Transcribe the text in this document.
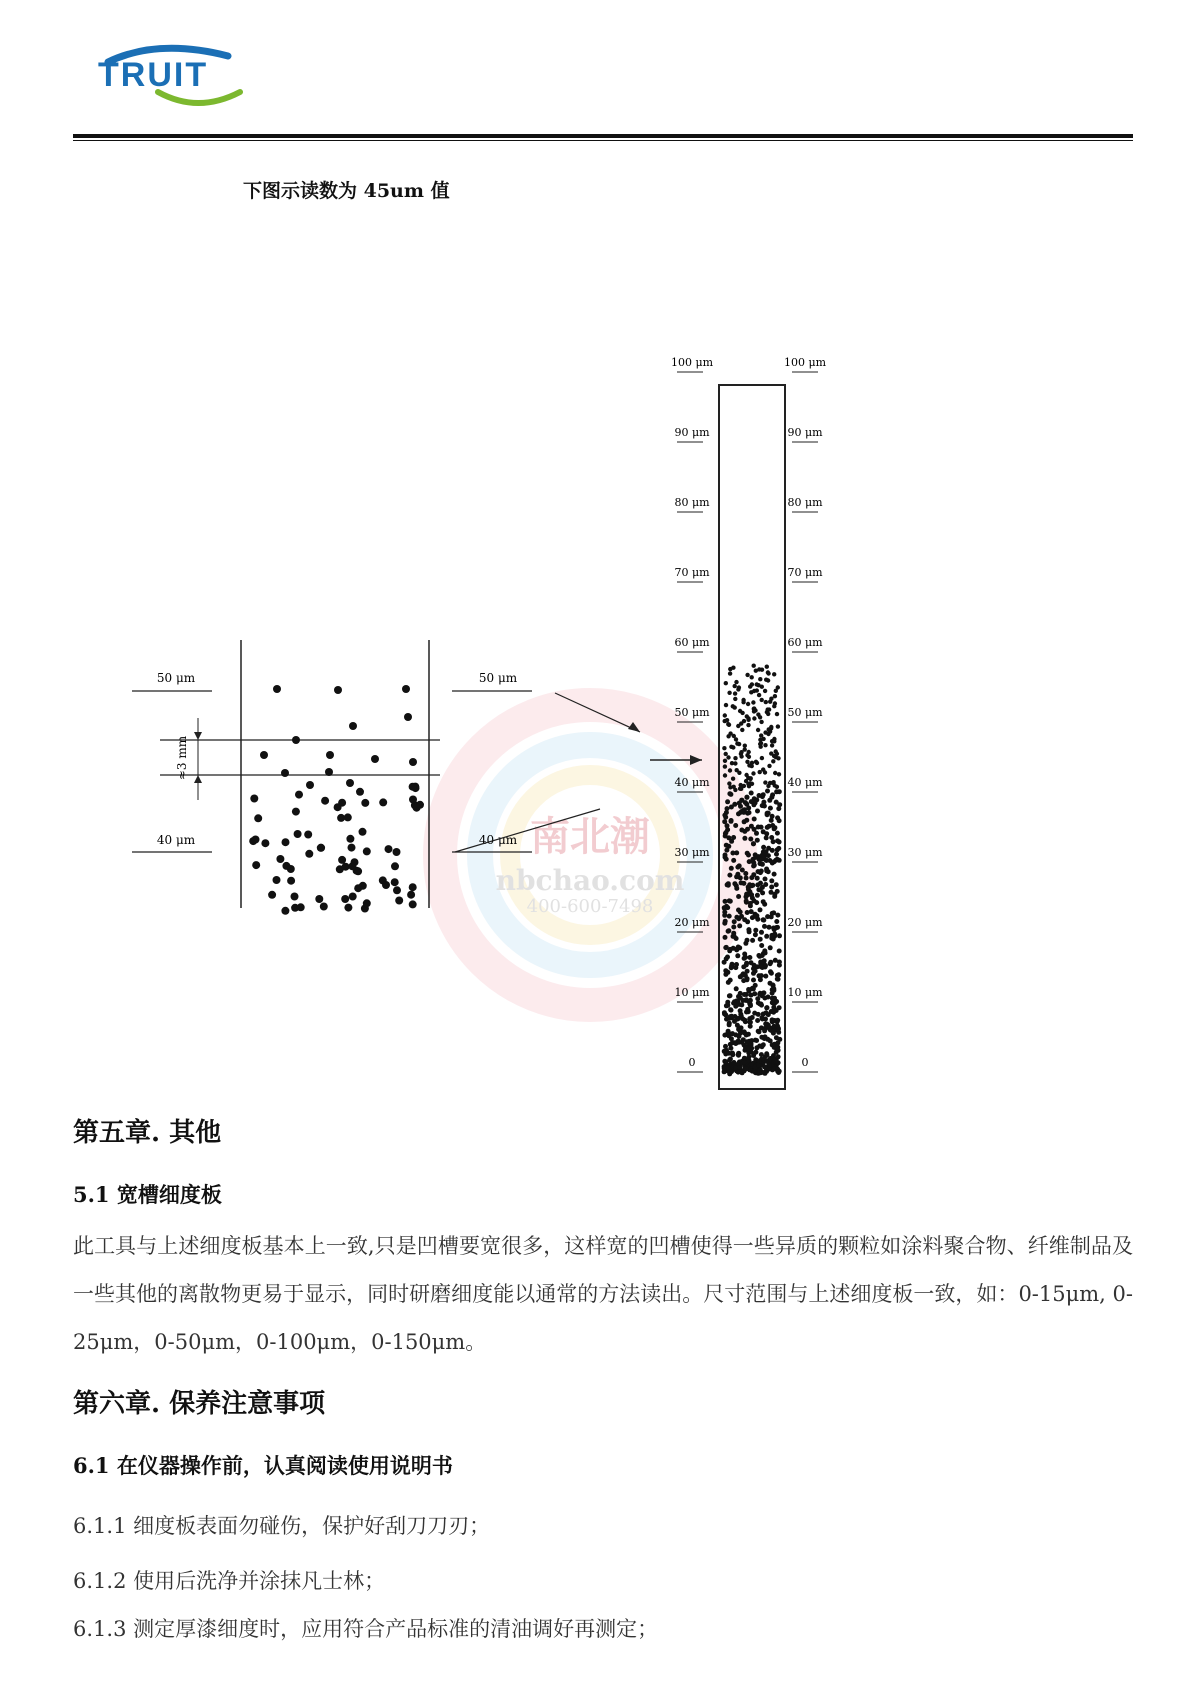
TRUIT
下图示读数为 45um 值
南北潮
nbchao.com
400-600-7498
50 μm	50 μm
40 μm	40 μm
≈3 mm
100 μm
90 μm
80 μm
70 μm
60 μm
50 μm
40 μm
30 μm
20 μm
10 μm
0
100 μm
90 μm
80 μm
70 μm
60 μm
50 μm
40 μm
30 μm
20 μm
10 μm
0
第五章. 其他
5.1 宽槽细度板

此工具与上述细度板基本上一致,只是凹槽要宽很多，这样宽的凹槽使得一些异质的颗粒如涂料聚合物、纤维制品及一些其他的离散物更易于显示，同时研磨细度能以通常的方法读出。尺寸范围与上述细度板一致，如：0-15μm, 0-25μm，0-50μm，0-100μm，0-150μm。

第六章. 保养注意事项
6.1 在仪器操作前，认真阅读使用说明书

6.1.1 细度板表面勿碰伤，保护好刮刀刀刃；

6.1.2 使用后洗净并涂抹凡士林；

6.1.3 测定厚漆细度时，应用符合产品标准的清油调好再测定；
